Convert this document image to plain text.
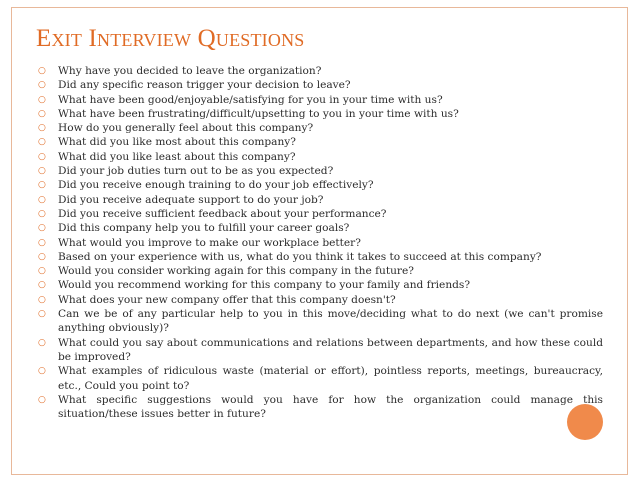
Exit Interview Questions
○ Why have you decided to leave the organization?
○ Did any specific reason trigger your decision to leave?
○ What have been good/enjoyable/satisfying for you in your time with us?
○ What have been frustrating/difficult/upsetting to you in your time with us?
○ How do you generally feel about this company?
○ What did you like most about this company?
○ What did you like least about this company?
○ Did your job duties turn out to be as you expected?
○ Did you receive enough training to do your job effectively?
○ Did you receive adequate support to do your job?
○ Did you receive sufficient feedback about your performance?
○ Did this company help you to fulfill your career goals?
○ What would you improve to make our workplace better?
○ Based on your experience with us, what do you think it takes to succeed at this company?
○ Would you consider working again for this company in the future?
○ Would you recommend working for this company to your family and friends?
○ What does your new company offer that this company doesn't?
○ Can we be of any particular help to you in this move/deciding what to do next (we can't promise anything obviously)?
○ What could you say about communications and relations between departments, and how these could be improved?
○ What examples of ridiculous waste (material or effort), pointless reports, meetings, bureaucracy, etc., Could you point to?
○ What specific suggestions would you have for how the organization could manage this situation/these issues better in future?
